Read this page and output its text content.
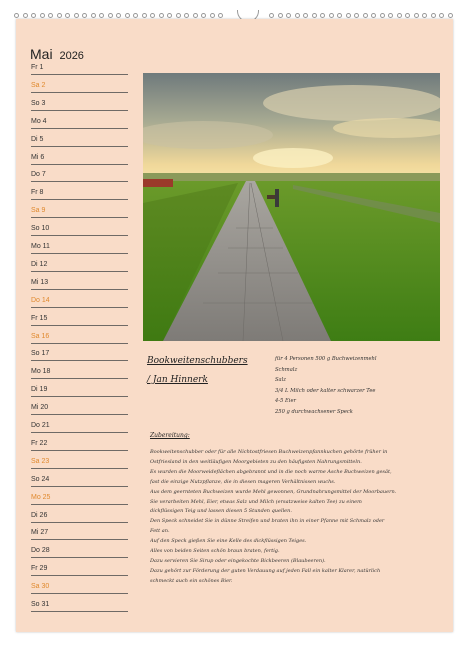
Mai 2026
Fr 1
Sa 2
So 3
Mo 4
Di 5
Mi 6
Do 7
Fr 8
Sa 9
So 10
Mo 11
Di 12
Mi 13
Do 14
Fr 15
Sa 16
So 17
Mo 18
Di 19
Mi 20
Do 21
Fr 22
Sa 23
So 24
Mo 25
Di 26
Mi 27
Do 28
Fr 29
Sa 30
So 31
Bookweitenschubbers
/ Jan Hinnerk
für 4 Personen 500 g Buchweizenmehl
Schmalz
Salz
3/4 L Milch oder kalter schwarzer Tee
4-5 Eier
250 g durchwachsener Speck
Zubereitung:
Bookweitenschubber oder für alle Nichtostfriesen Buchweizenpfannkuchen gehörte früher in
Ostfriesland in den weitläufigen Moorgebieten zu den häufigsten Nahrungsmitteln.
Es wurden die Moorweideflächen abgebrannt und in die noch warme Asche Buchweizen gesät,
fast die einzige Nutzpflanze, die in diesen mageren Verhältnissen wuchs.
Aus dem geernteten Buchweizen wurde Mehl gewonnen, Grundnahrungsmittel der Moorbauern.
Sie verarbeiten Mehl, Eier, etwas Salz und Milch (ersatzweise kalten Tee) zu einem
dickflüssigen Teig und lassen diesen 5 Stunden quellen.
Den Speck schneidet Sie in dünne Streifen und braten ihn in einer Pfanne mit Schmalz oder
Fett an.
Auf den Speck gießen Sie eine Kelle des dickflüssigen Teiges.
Alles von beiden Seiten schön braun braten, fertig.
Dazu servieren Sie Sirup oder eingekochte Bickbeeren (Blaubeeren).
Dazu gehört zur Förderung der guten Verdauung auf jeden Fall ein kalter Klarer, natürlich
schmeckt auch ein schönes Bier.
